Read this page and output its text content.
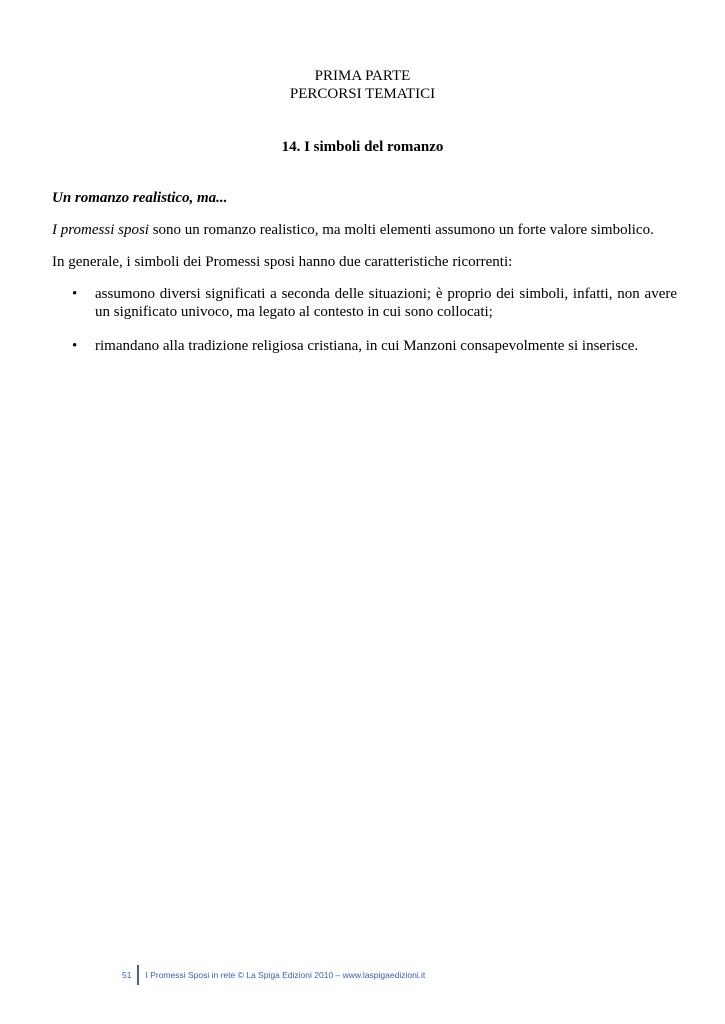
PRIMA PARTE
PERCORSI TEMATICI
14. I simboli del romanzo

Un romanzo realistico, ma...

I promessi sposi sono un romanzo realistico, ma molti elementi assumono un forte valore simbolico.

In generale, i simboli dei Promessi sposi hanno due caratteristiche ricorrenti:

• assumono diversi significati a seconda delle situazioni; è proprio dei simboli, infatti, non avere un significato univoco, ma legato al contesto in cui sono collocati;
• rimandano alla tradizione religiosa cristiana, in cui Manzoni consapevolmente si inserisce.
51 I Promessi Sposi in rete © La Spiga Edizioni 2010 – www.laspigaedizioni.it
